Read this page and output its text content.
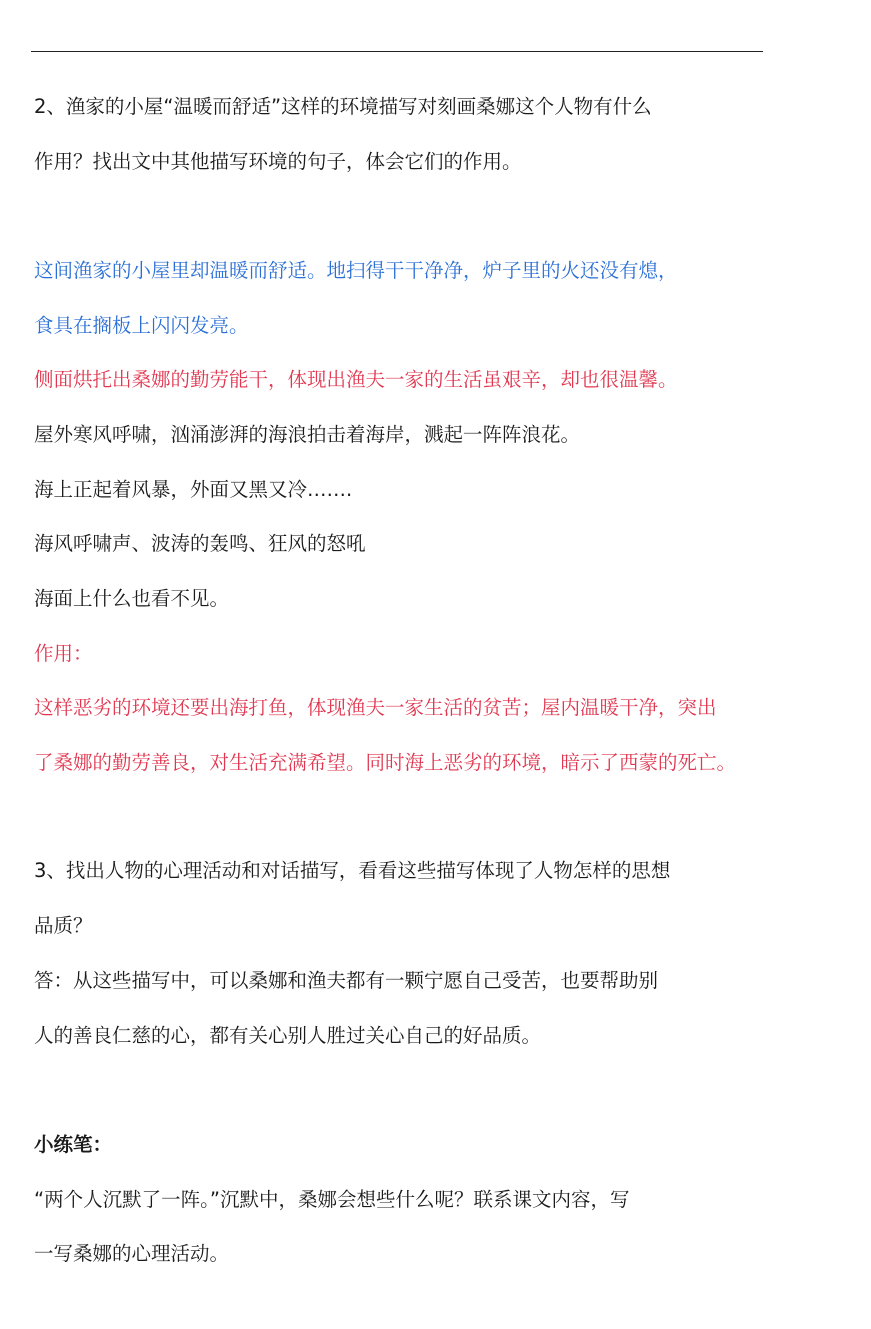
2、渔家的小屋“温暖而舒适”这样的环境描写对刻画桑娜这个人物有什么
作用？找出文中其他描写环境的句子，体会它们的作用。
这间渔家的小屋里却温暖而舒适。地扫得干干净净，炉子里的火还没有熄，
食具在搁板上闪闪发亮。
侧面烘托出桑娜的勤劳能干，体现出渔夫一家的生活虽艰辛，却也很温馨。
屋外寒风呼啸，汹涌澎湃的海浪拍击着海岸，溅起一阵阵浪花。
海上正起着风暴，外面又黑又冷…….
海风呼啸声、波涛的轰鸣、狂风的怒吼
海面上什么也看不见。
作用：
这样恶劣的环境还要出海打鱼，体现渔夫一家生活的贫苦；屋内温暖干净，突出
了桑娜的勤劳善良，对生活充满希望。同时海上恶劣的环境，暗示了西蒙的死亡。
3、找出人物的心理活动和对话描写，看看这些描写体现了人物怎样的思想
品质？
答：从这些描写中，可以桑娜和渔夫都有一颗宁愿自己受苦，也要帮助别
人的善良仁慈的心，都有关心别人胜过关心自己的好品质。
小练笔：
“两个人沉默了一阵。”沉默中，桑娜会想些什么呢？联系课文内容，写
一写桑娜的心理活动。
